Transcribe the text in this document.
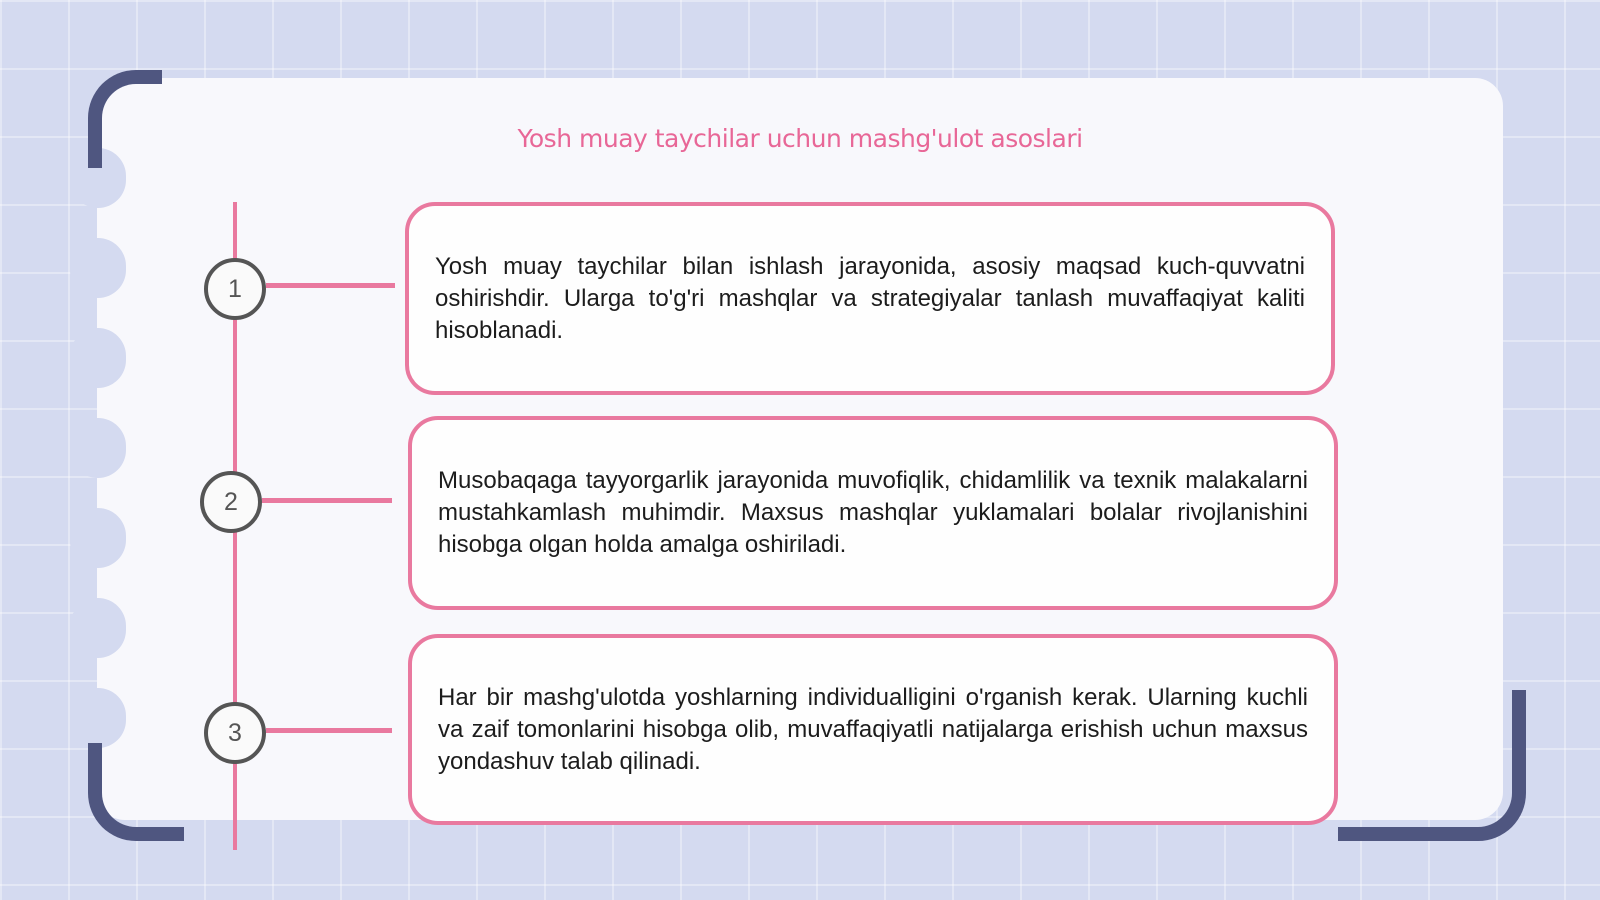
Yosh muay taychilar uchun mashg'ulot asoslari
1

Yosh muay taychilar bilan ishlash jarayonida, asosiy maqsad kuch-quvvatni oshirishdir. Ularga to'g'ri mashqlar va strategiyalar tanlash muvaffaqiyat kaliti hisoblanadi.

2

Musobaqaga tayyorgarlik jarayonida muvofiqlik, chidamlilik va texnik malakalarni mustahkamlash muhimdir. Maxsus mashqlar yuklamalari bolalar rivojlanishini hisobga olgan holda amalga oshiriladi.

3

Har bir mashg'ulotda yoshlarning individualligini o'rganish kerak. Ularning kuchli va zaif tomonlarini hisobga olib, muvaffaqiyatli natijalarga erishish uchun maxsus yondashuv talab qilinadi.
